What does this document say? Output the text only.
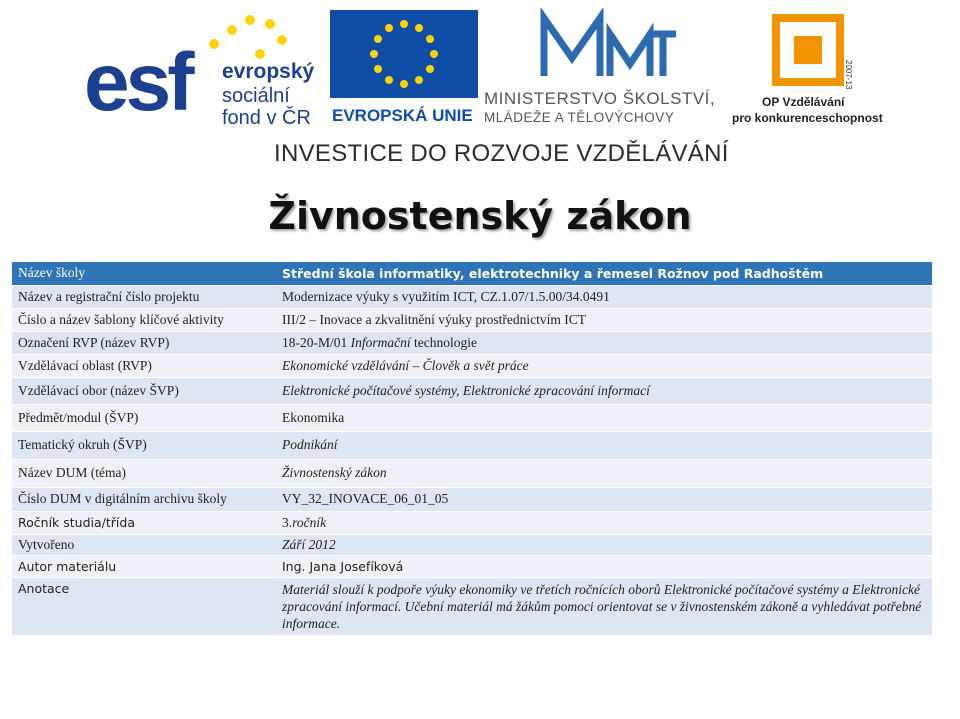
esf evropský
sociální
fond v ČR EVROPSKÁ UNIE
MINISTERSTVO ŠKOLSTVÍ,
MLÁDEŽE A TĚLOVÝCHOVY
2007-13
OP Vzdělávání
pro konkurenceschopnost
INVESTICE DO ROZVOJE VZDĚLÁVÁNÍ
Živnostenský zákon
Název školy	Střední škola informatiky, elektrotechniky a řemesel Rožnov pod Radhoštěm
Název a registrační číslo projektu	Modernizace výuky s využitím ICT, CZ.1.07/1.5.00/34.0491
Číslo a název šablony klíčové aktivity	III/2 – Inovace a zkvalitnění výuky prostřednictvím ICT
Označení RVP (název RVP)	18-20-M/01 Informační technologie
Vzdělávací oblast (RVP)	Ekonomické vzdělávání – Člověk a svět práce
Vzdělávací obor (název ŠVP)	Elektronické počítačové systémy, Elektronické zpracování informací
Předmět/modul (ŠVP)	Ekonomika
Tematický okruh (ŠVP)	Podnikání
Název DUM (téma)	Živnostenský zákon
Číslo DUM v digitálním archivu školy	VY_32_INOVACE_06_01_05
Ročník studia/třída	3.ročník
Vytvořeno	Září 2012
Autor materiálu	Ing. Jana Josefíková
Anotace	Materiál slouží k podpoře výuky ekonomiky ve třetích ročnících oborů Elektronické počítačové systémy a Elektronické zpracování informací. Učební materiál má žákům pomoci orientovat se v živnostenském zákoně a vyhledávat potřebné informace.
